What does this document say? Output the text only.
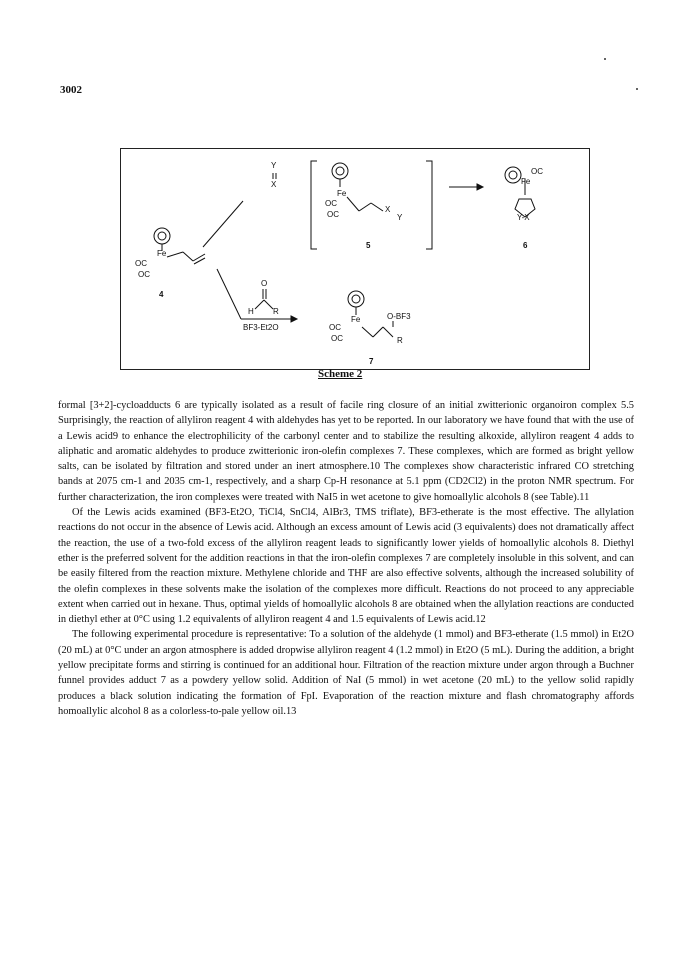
3002
4
OC
Fe
OC
Y
X
O
H R
BF3-Et2O
OC
Fe
OC
X
Y
5
Fe
OC
Y-X
6
OC
Fe
OC
O-BF3
R
7
Scheme 2

formal [3+2]-cycloadducts 6 are typically isolated as a result of facile ring closure of an initial zwitterionic organoiron complex 5.5 Surprisingly, the reaction of allyliron reagent 4 with aldehydes has yet to be reported. In our laboratory we have found that with the use of a Lewis acid9 to enhance the electrophilicity of the carbonyl center and to stabilize the resulting alkoxide, allyliron reagent 4 adds to aliphatic and aromatic aldehydes to produce zwitterionic iron-olefin complexes 7. These complexes, which are formed as bright yellow salts, can be isolated by filtration and stored under an inert atmosphere.10 The complexes show characteristic infrared CO stretching bands at 2075 cm-1 and 2035 cm-1, respectively, and a sharp Cp-H resonance at 5.1 ppm (CD2Cl2) in the proton NMR spectrum. For further characterization, the iron complexes were treated with NaI5 in wet acetone to give homoallylic alcohols 8 (see Table).11

Of the Lewis acids examined (BF3-Et2O, TiCl4, SnCl4, AlBr3, TMS triflate), BF3-etherate is the most effective. The allylation reactions do not occur in the absence of Lewis acid. Although an excess amount of Lewis acid (3 equivalents) does not dramatically affect the reaction, the use of a two-fold excess of the allyliron reagent leads to significantly lower yields of homoallylic alcohols 8. Diethyl ether is the preferred solvent for the addition reactions in that the iron-olefin complexes 7 are completely insoluble in this solvent, and can be easily filtered from the reaction mixture. Methylene chloride and THF are also effective solvents, although the increased solubility of the olefin complexes in these solvents make the isolation of the complexes more difficult. Reactions do not proceed to any appreciable extent when carried out in hexane. Thus, optimal yields of homoallylic alcohols 8 are obtained when the allylation reactions are conducted in diethyl ether at 0°C using 1.2 equivalents of allyliron reagent 4 and 1.5 equivalents of Lewis acid.12

The following experimental procedure is representative: To a solution of the aldehyde (1 mmol) and BF3-etherate (1.5 mmol) in Et2O (20 mL) at 0°C under an argon atmosphere is added dropwise allyliron reagent 4 (1.2 mmol) in Et2O (5 mL). During the addition, a bright yellow precipitate forms and stirring is continued for an additional hour. Filtration of the reaction mixture under argon through a Buchner funnel provides adduct 7 as a powdery yellow solid. Addition of NaI (5 mmol) in wet acetone (20 mL) to the yellow solid rapidly produces a black solution indicating the formation of FpI. Evaporation of the reaction mixture and flash chromatography affords homoallylic alcohol 8 as a colorless-to-pale yellow oil.13
